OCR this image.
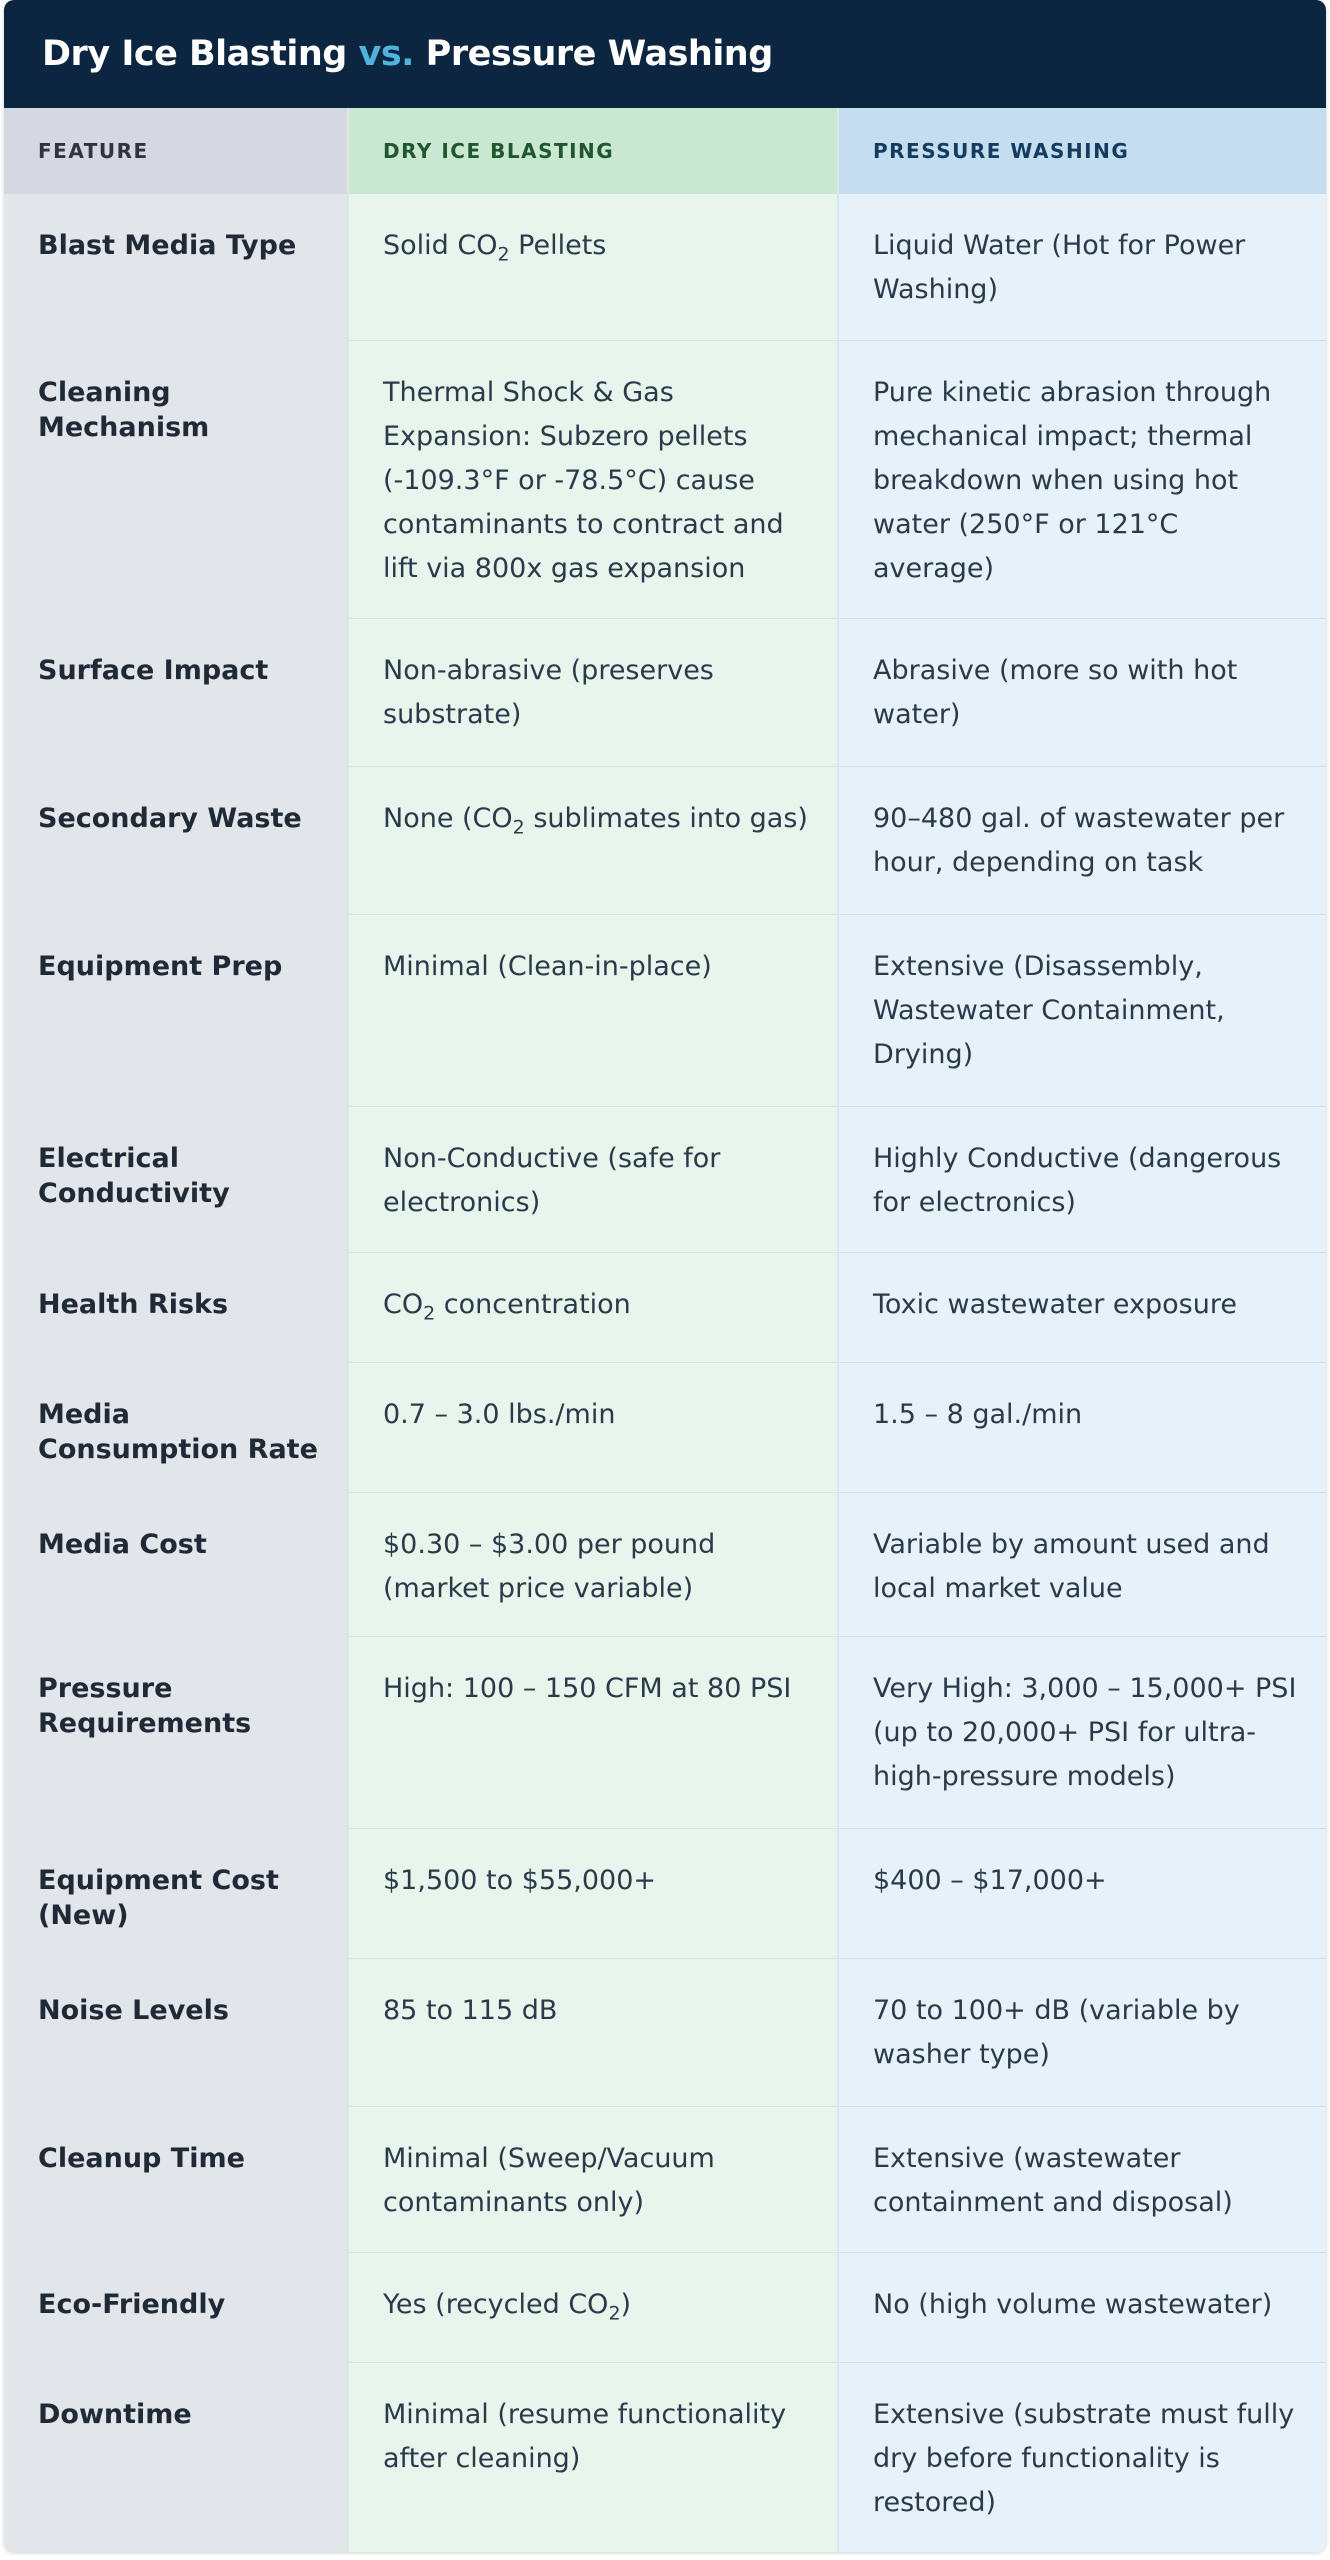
Dry Ice Blasting vs. Pressure Washing
FEATURE	DRY ICE BLASTING	PRESSURE WASHING
Blast Media Type	Solid $CO_2$ Pellets	Liquid Water (Hot for Power Washing)
Cleaning Mechanism	Thermal Shock & Gas Expansion: Subzero pellets (-109.3°F or -78.5°C) cause contaminants to contract and lift via 800x gas expansion	Pure kinetic abrasion through mechanical impact; thermal breakdown when using hot water (250°F or 121°C average)
Surface Impact	Non-abrasive (preserves substrate)	Abrasive (more so with hot water)
Secondary Waste	None ($CO_2$ sublimates into gas)	90–480 gal. of wastewater per hour, depending on task
Equipment Prep	Minimal (Clean-in-place)	Extensive (Disassembly, Wastewater Containment, Drying)
Electrical Conductivity	Non-Conductive (safe for electronics)	Highly Conductive (dangerous for electronics)
Health Risks	$CO_2$ concentration	Toxic wastewater exposure
Media Consumption Rate	0.7 – 3.0 lbs./min	1.5 – 8 gal./min
Media Cost	$0.30 – $3.00 per pound (market price variable)	Variable by amount used and local market value
Pressure Requirements	High: 100 – 150 CFM at 80 PSI	Very High: 3,000 – 15,000+ PSI (up to 20,000+ PSI for ultra-high-pressure models)
Equipment Cost (New)	$1,500 to $55,000+	$400 – $17,000+
Noise Levels	85 to 115 dB	70 to 100+ dB (variable by washer type)
Cleanup Time	Minimal (Sweep/Vacuum contaminants only)	Extensive (wastewater containment and disposal)
Eco-Friendly	Yes (recycled $CO_2$)	No (high volume wastewater)
Downtime	Minimal (resume functionality after cleaning)	Extensive (substrate must fully dry before functionality is restored)
